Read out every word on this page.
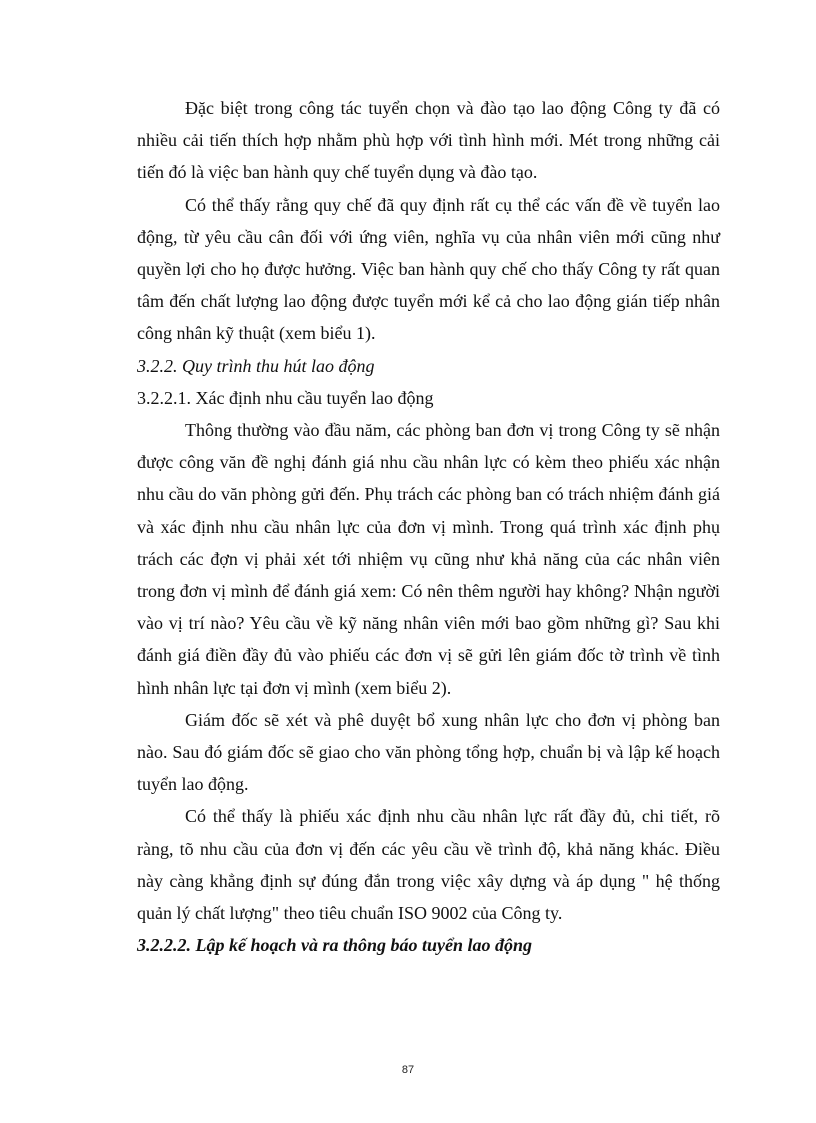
Đặc biệt trong công tác tuyển chọn và đào tạo lao động Công ty đã có nhiều cải tiến thích hợp nhằm phù hợp với tình hình mới. Mét trong những cải tiến đó là việc ban hành quy chế tuyển dụng và đào tạo.

Có thể thấy rằng quy chế đã quy định rất cụ thể các vấn đề về tuyển lao động, từ yêu cầu cân đối với ứng viên, nghĩa vụ của nhân viên mới cũng như quyền lợi cho họ được hưởng. Việc ban hành quy chế cho thấy Công ty rất quan tâm đến chất lượng lao động được tuyển mới kể cả cho lao động gián tiếp nhân công nhân kỹ thuật (xem biểu 1).

3.2.2. Quy trình thu hút lao động

3.2.2.1. Xác định nhu cầu tuyển lao động

Thông thường vào đầu năm, các phòng ban đơn vị trong Công ty sẽ nhận được công văn đề nghị đánh giá nhu cầu nhân lực có kèm theo phiếu xác nhận nhu cầu do văn phòng gửi đến. Phụ trách các phòng ban có trách nhiệm đánh giá và xác định nhu cầu nhân lực của đơn vị mình. Trong quá trình xác định phụ trách các đợn vị phải xét tới nhiệm vụ cũng như khả năng của các nhân viên trong đơn vị mình để đánh giá xem: Có nên thêm người hay không? Nhận người vào vị trí nào? Yêu cầu về kỹ năng nhân viên mới bao gồm những gì? Sau khi đánh giá điền đầy đủ vào phiếu các đơn vị sẽ gửi lên giám đốc tờ trình về tình hình nhân lực tại đơn vị mình (xem biểu 2).

Giám đốc sẽ xét và phê duyệt bổ xung nhân lực cho đơn vị phòng ban nào. Sau đó giám đốc sẽ giao cho văn phòng tổng hợp, chuẩn bị và lập kế hoạch tuyển lao động.

Có thể thấy là phiếu xác định nhu cầu nhân lực rất đầy đủ, chi tiết, rõ ràng, tõ nhu cầu của đơn vị đến các yêu cầu về trình độ, khả năng khác. Điều này càng khẳng định sự đúng đắn trong việc xây dựng và áp dụng " hệ thống quản lý chất lượng" theo tiêu chuẩn ISO 9002 của Công ty.

3.2.2.2. Lập kế hoạch và ra thông báo tuyển lao động

87
